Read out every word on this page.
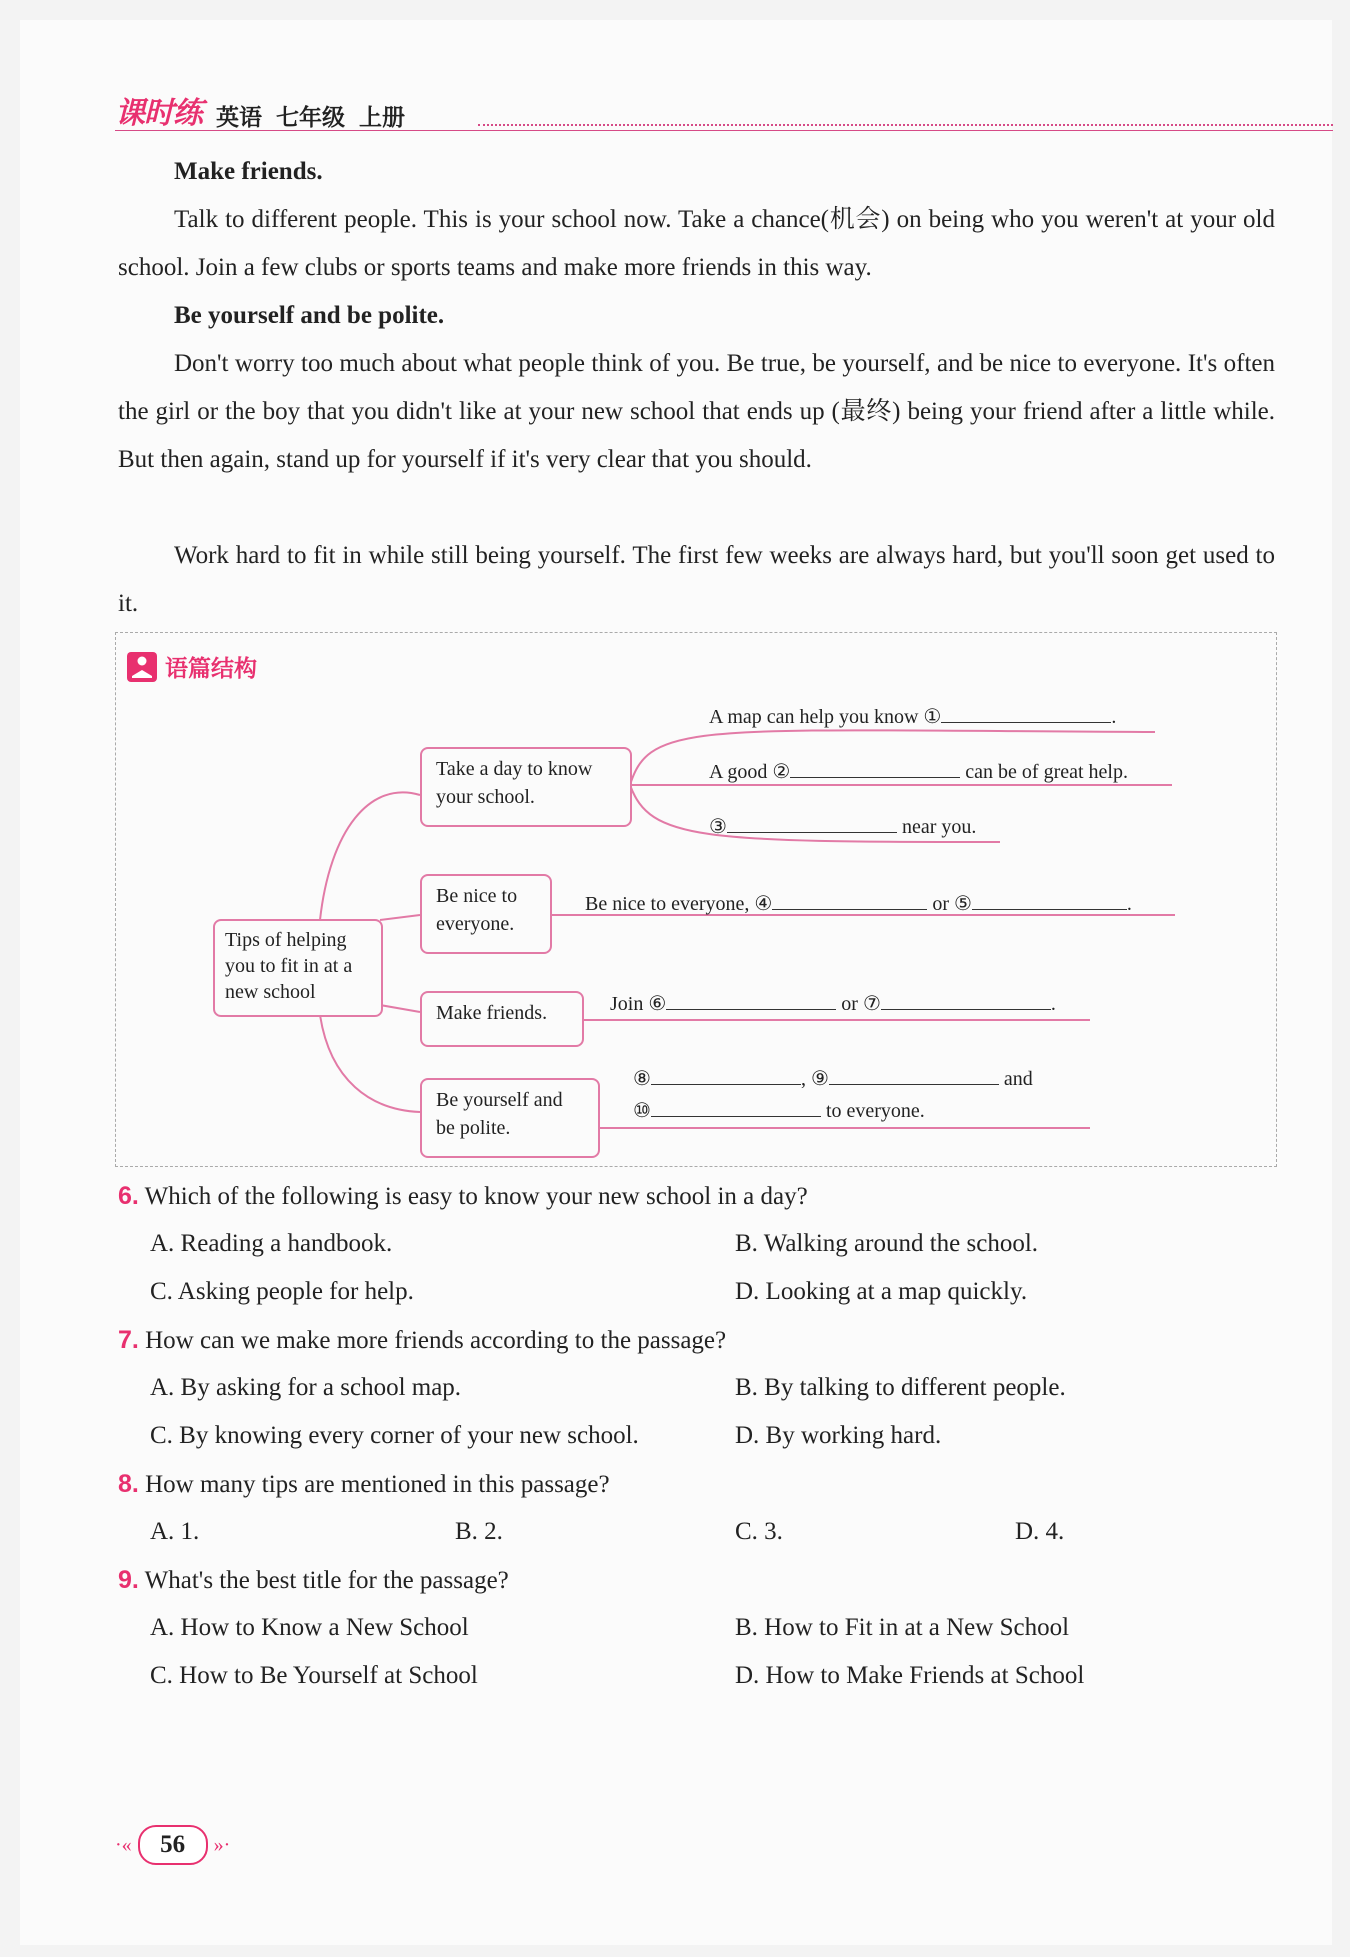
课时练 英语 七年级 上册
Make friends.
Talk to different people. This is your school now. Take a chance(机会) on being who you weren't at your old school. Join a few clubs or sports teams and make more friends in this way.
Be yourself and be polite.
Don't worry too much about what people think of you. Be true, be yourself, and be nice to everyone. It's often the girl or the boy that you didn't like at your new school that ends up (最终) being your friend after a little while. But then again, stand up for yourself if it's very clear that you should.
Work hard to fit in while still being yourself. The first few weeks are always hard, but you'll soon get used to it.
语篇结构
Tips of helping you to fit in at a new school
Take a day to know your school.
Be nice to everyone.
Make friends.
Be yourself and be polite.
A map can help you know ①	.
A good ②	can be of great help.
③	near you.
Be nice to everyone, ④	or ⑤	.
Join ⑥	or ⑦	.
⑧	, ⑨	and
⑩	to everyone.
6. Which of the following is easy to know your new school in a day?
A. Reading a handbook.	B. Walking around the school.
C. Asking people for help.	D. Looking at a map quickly.
7. How can we make more friends according to the passage?
A. By asking for a school map.	B. By talking to different people.
C. By knowing every corner of your new school.	D. By working hard.
8. How many tips are mentioned in this passage?
A. 1.	B. 2.	C. 3.	D. 4.
9. What's the best title for the passage?
A. How to Know a New School	B. How to Fit in at a New School
C. How to Be Yourself at School	D. How to Make Friends at School
·«	56	»·
